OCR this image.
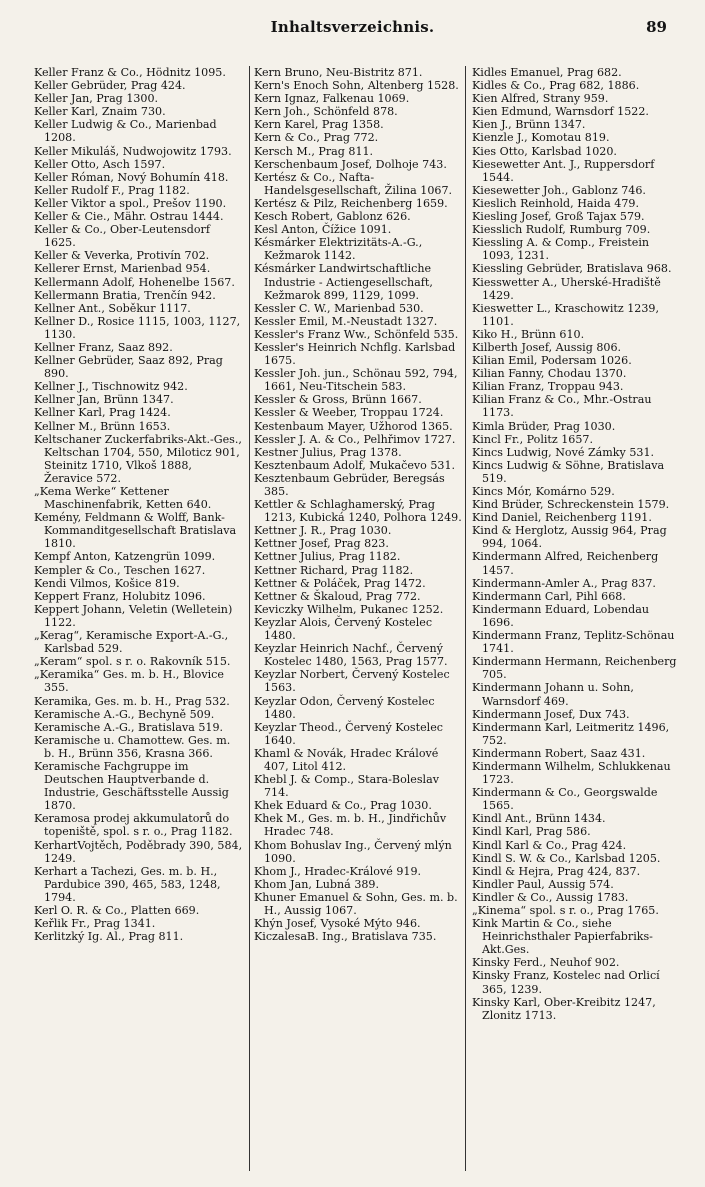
Inhaltsverzeichnis.	89
Keller Franz & Co., Hödnitz 1095.
Keller Gebrüder, Prag 424.
Keller Jan, Prag 1300.
Keller Karl, Znaim 730.
Keller Ludwig & Co., Marienbad 1208.
Keller Mikuláš, Nudwojowitz 1793.
Keller Otto, Asch 1597.
Keller Róman, Nový Bohumín 418.
Keller Rudolf F., Prag 1182.
Keller Viktor a spol., Prešov 1190.
Keller & Cie., Mähr. Ostrau 1444.
Keller & Co., Ober-Leutensdorf 1625.
Keller & Veverka, Protivín 702.
Kellerer Ernst, Marienbad 954.
Kellermann Adolf, Hohenelbe 1567.
Kellermann Bratia, Trenčín 942.
Kellner Ant., Soběkur 1117.
Kellner D., Rosice 1115, 1003, 1127, 1130.
Kellner Franz, Saaz 892.
Kellner Gebrüder, Saaz 892, Prag 890.
Kellner J., Tischnowitz 942.
Kellner Jan, Brünn 1347.
Kellner Karl, Prag 1424.
Kellner M., Brünn 1653.
Keltschaner Zuckerfabriks-Akt.-Ges., Keltschan 1704, 550, Miloticz 901, Steinitz 1710, Vlkoš 1888, Žeravice 572.
„Kema Werke“ Kettener Maschinenfabrik, Ketten 640.
Kemény, Feldmann & Wolff, Bank-Kommanditgesellschaft Bratislava 1810.
Kempf Anton, Katzengrün 1099.
Kempler & Co., Teschen 1627.
Kendi Vilmos, Košice 819.
Keppert Franz, Holubitz 1096.
Keppert Johann, Veletin (Welletein) 1122.
„Kerag“, Keramische Export-A.-G., Karlsbad 529.
„Keram“ spol. s r. o. Rakovník 515.
„Keramika“ Ges. m. b. H., Blovice 355.
Keramika, Ges. m. b. H., Prag 532.
Keramische A.-G., Bechyně 509.
Keramische A.-G., Bratislava 519.
Keramische u. Chamottew. Ges. m. b. H., Brünn 356, Krasna 366.
Keramische Fachgruppe im Deutschen Hauptverbande d. Industrie, Geschäftsstelle Aussig 1870.
Keramosa prodej akkumulatorů do topeniště, spol. s r. o., Prag 1182.
KerhartVojtěch, Poděbrady 390, 584, 1249.
Kerhart a Tachezi, Ges. m. b. H., Pardubice 390, 465, 583, 1248, 1794.
Kerl O. R. & Co., Platten 669.
Keřlik Fr., Prag 1341.
Kerlitzký Ig. Al., Prag 811.
Kern Bruno, Neu-Bistritz 871.
Kern's Enoch Sohn, Altenberg 1528.
Kern Ignaz, Falkenau 1069.
Kern Joh., Schönfeld 878.
Kern Karel, Prag 1358.
Kern & Co., Prag 772.
Kersch M., Prag 811.
Kerschenbaum Josef, Dolhoje 743.
Kertész & Co., Nafta-Handelsgesellschaft, Žilina 1067.
Kertész & Pilz, Reichenberg 1659.
Kesch Robert, Gablonz 626.
Kesl Anton, Čížice 1091.
Késmárker Elektrizitäts-A.-G., Kežmarok 1142.
Késmárker Landwirtschaftliche Industrie - Actiengesellschaft, Kežmarok 899, 1129, 1099.
Kessler C. W., Marienbad 530.
Kessler Emil, M.-Neustadt 1327.
Kessler's Franz Ww., Schönfeld 535.
Kessler's Heinrich Nchflg. Karlsbad 1675.
Kessler Joh. jun., Schönau 592, 794, 1661, Neu-Titschein 583.
Kessler & Gross, Brünn 1667.
Kessler & Weeber, Troppau 1724.
Kestenbaum Mayer, Užhorod 1365.
Kessler J. A. & Co., Pelhřimov 1727.
Kestner Julius, Prag 1378.
Kesztenbaum Adolf, Mukačevo 531.
Kesztenbaum Gebrüder, Beregsás 385.
Kettler & Schlaghamerský, Prag 1213, Kubická 1240, Polhora 1249.
Kettner J. R., Prag 1030.
Kettner Josef, Prag 823.
Kettner Julius, Prag 1182.
Kettner Richard, Prag 1182.
Kettner & Poláček, Prag 1472.
Kettner & Škaloud, Prag 772.
Keviczky Wilhelm, Pukanec 1252.
Keyzlar Alois, Červený Kostelec 1480.
Keyzlar Heinrich Nachf., Červený Kostelec 1480, 1563, Prag 1577.
Keyzlar Norbert, Červený Kostelec 1563.
Keyzlar Odon, Červený Kostelec 1480.
Keyzlar Theod., Červený Kostelec 1640.
Khaml & Novák, Hradec Králové 407, Litol 412.
Khebl J. & Comp., Stara-Boleslav 714.
Khek Eduard & Co., Prag 1030.
Khek M., Ges. m. b. H., Jindřichův Hradec 748.
Khom Bohuslav Ing., Červený mlýn 1090.
Khom J., Hradec-Králové 919.
Khom Jan, Lubná 389.
Khuner Emanuel & Sohn, Ges. m. b. H., Aussig 1067.
Khýn Josef, Vysoké Mýto 946.
KiczalesaB. Ing., Bratislava 735.
Kidles Emanuel, Prag 682.
Kidles & Co., Prag 682, 1886.
Kien Alfred, Strany 959.
Kien Edmund, Warnsdorf 1522.
Kien J., Brünn 1347.
Kienzle J., Komotau 819.
Kies Otto, Karlsbad 1020.
Kiesewetter Ant. J., Ruppersdorf 1544.
Kiesewetter Joh., Gablonz 746.
Kieslich Reinhold, Haida 479.
Kiesling Josef, Groß Tajax 579.
Kiesslich Rudolf, Rumburg 709.
Kiessling A. & Comp., Freistein 1093, 1231.
Kiessling Gebrüder, Bratislava 968.
Kiesswetter A., Uherské-Hradiště 1429.
Kieswetter L., Kraschowitz 1239, 1101.
Kiko H., Brünn 610.
Kilberth Josef, Aussig 806.
Kilian Emil, Podersam 1026.
Kilian Fanny, Chodau 1370.
Kilian Franz, Troppau 943.
Kilian Franz & Co., Mhr.-Ostrau 1173.
Kimla Brüder, Prag 1030.
Kincl Fr., Politz 1657.
Kincs Ludwig, Nové Zámky 531.
Kincs Ludwig & Söhne, Bratislava 519.
Kincs Mór, Komárno 529.
Kind Brüder, Schreckenstein 1579.
Kind Daniel, Reichenberg 1191.
Kind & Herglotz, Aussig 964, Prag 994, 1064.
Kindermann Alfred, Reichenberg 1457.
Kindermann-Amler A., Prag 837.
Kindermann Carl, Pihl 668.
Kindermann Eduard, Lobendau 1696.
Kindermann Franz, Teplitz-Schönau 1741.
Kindermann Hermann, Reichenberg 705.
Kindermann Johann u. Sohn, Warnsdorf 469.
Kindermann Josef, Dux 743.
Kindermann Karl, Leitmeritz 1496, 752.
Kindermann Robert, Saaz 431.
Kindermann Wilhelm, Schlukkenau 1723.
Kindermann & Co., Georgswalde 1565.
Kindl Ant., Brünn 1434.
Kindl Karl, Prag 586.
Kindl Karl & Co., Prag 424.
Kindl S. W. & Co., Karlsbad 1205.
Kindl & Hejra, Prag 424, 837.
Kindler Paul, Aussig 574.
Kindler & Co., Aussig 1783.
„Kinema“ spol. s r. o., Prag 1765.
Kink Martin & Co., siehe Heinrichsthaler Papierfabriks-Akt.Ges.
Kinsky Ferd., Neuhof 902.
Kinsky Franz, Kostelec nad Orlicí 365, 1239.
Kinsky Karl, Ober-Kreibitz 1247, Zlonitz 1713.
